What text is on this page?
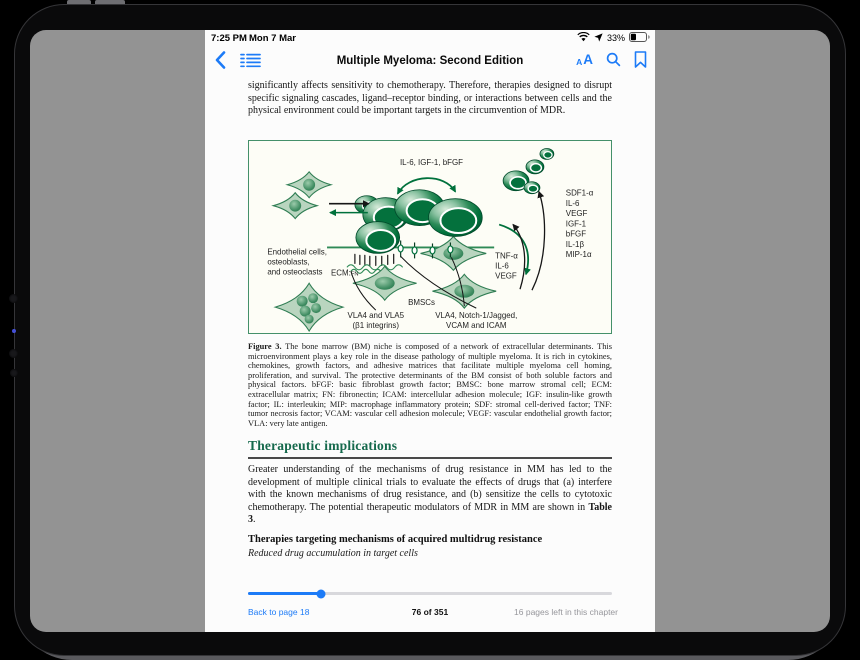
7:25 PM Mon 7 Mar	33%
Multiple Myeloma: Second Edition	A A
significantly affects sensitivity to chemotherapy. Therefore, therapies designed to disrupt specific signaling cascades, ligand–receptor binding, or interactions between cells and the physical environment could be important targets in the circumvention of MDR.
IL-6, IGF-1, bFGF
Endothelial cells,
osteoblasts,
and osteoclasts ECM:FN
VLA4 and VLA5
(β1 integrins)
BMSCs
VLA4, Notch-1/Jagged,
VCAM and ICAM
TNF-α
IL-6
VEGF
SDF1-α
IL-6
VEGF
IGF-1
bFGF
IL-1β
MIP-1α
Figure 3. The bone marrow (BM) niche is composed of a network of extracellular determinants. This microenvironment plays a key role in the disease pathology of multiple myeloma. It is rich in cytokines, chemokines, growth factors, and adhesive matrices that facilitate multiple myeloma cell homing, proliferation, and survival. The protective determinants of the BM consist of both soluble factors and physical factors. bFGF: basic fibroblast growth factor; BMSC: bone marrow stromal cell; ECM: extracellular matrix; FN: fibronectin; ICAM: intercellular adhesion molecule; IGF: insulin-like growth factor; IL: interleukin; MIP: macrophage inflammatory protein; SDF: stromal cell-derived factor; TNF: tumor necrosis factor; VCAM: vascular cell adhesion molecule; VEGF: vascular endothelial growth factor; VLA: very late antigen.
Therapeutic implications
Greater understanding of the mechanisms of drug resistance in MM has led to the development of multiple clinical trials to evaluate the effects of drugs that (a) interfere with the known mechanisms of drug resistance, and (b) sensitize the cells to cytotoxic chemotherapy. The potential therapeutic modulators of MDR in MM are shown in Table 3.
Therapies targeting mechanisms of acquired multidrug resistance
Reduced drug accumulation in target cells
Back to page 18	76 of 351	16 pages left in this chapter
